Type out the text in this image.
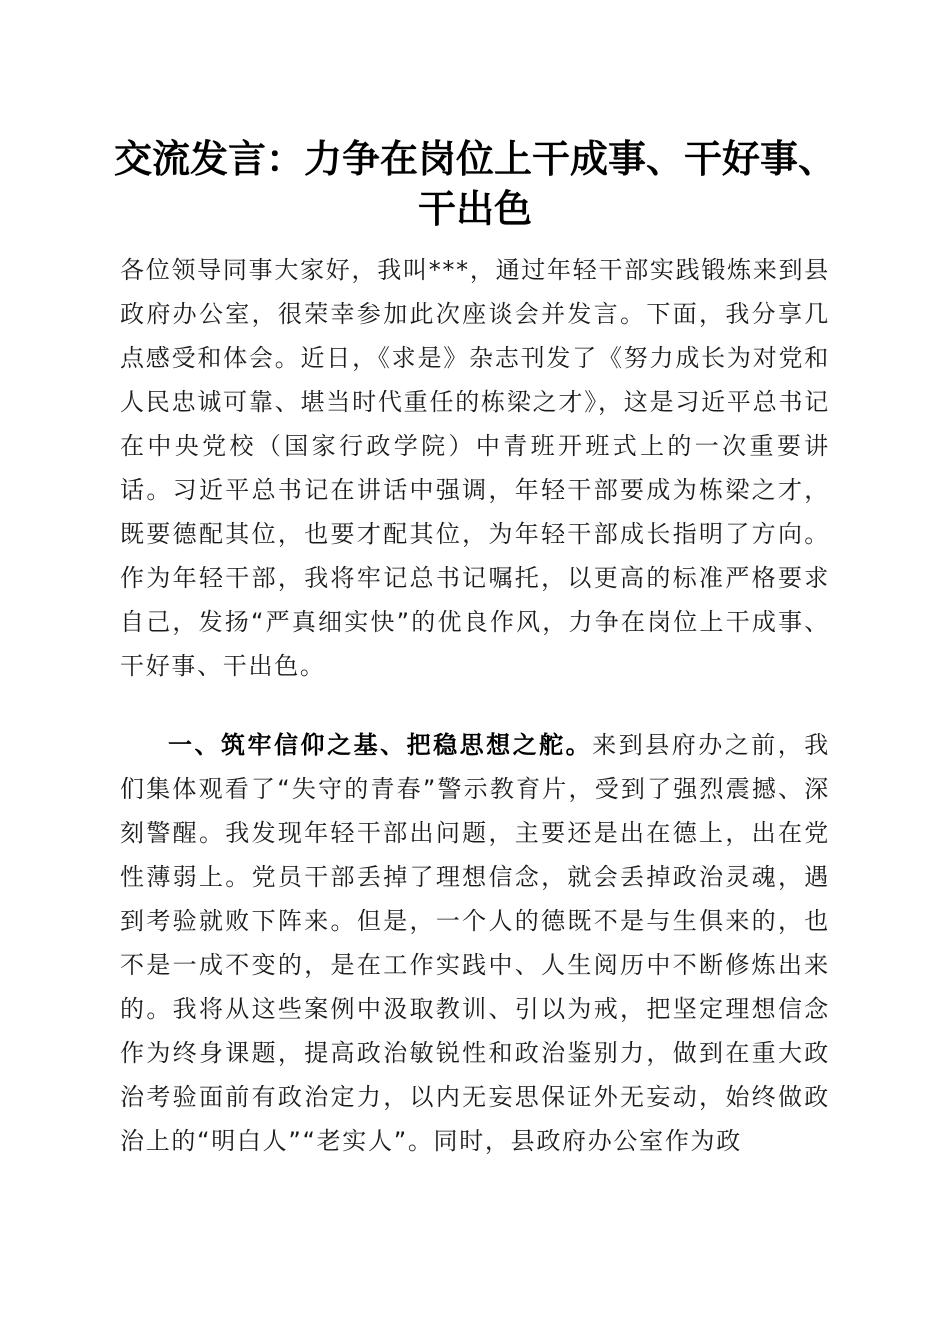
交流发言：力争在岗位上干成事、干好事、干出色

各位领导同事大家好，我叫***，通过年轻干部实践锻炼来到县政府办公室，很荣幸参加此次座谈会并发言。下面，我分享几点感受和体会。近日，《求是》杂志刊发了《努力成长为对党和人民忠诚可靠、堪当时代重任的栋梁之才》，这是习近平总书记在中央党校（国家行政学院）中青班开班式上的一次重要讲话。习近平总书记在讲话中强调，年轻干部要成为栋梁之才，既要德配其位，也要才配其位，为年轻干部成长指明了方向。作为年轻干部，我将牢记总书记嘱托，以更高的标准严格要求自己，发扬“严真细实快”的优良作风，力争在岗位上干成事、干好事、干出色。

一、筑牢信仰之基、把稳思想之舵。来到县府办之前，我们集体观看了“失守的青春”警示教育片，受到了强烈震撼、深刻警醒。我发现年轻干部出问题，主要还是出在德上，出在党性薄弱上。党员干部丢掉了理想信念，就会丢掉政治灵魂，遇到考验就败下阵来。但是，一个人的德既不是与生俱来的，也不是一成不变的，是在工作实践中、人生阅历中不断修炼出来的。我将从这些案例中汲取教训、引以为戒，把坚定理想信念作为终身课题，提高政治敏锐性和政治鉴别力，做到在重大政治考验面前有政治定力，以内无妄思保证外无妄动，始终做政治上的“明白人”“老实人”。同时，县政府办公室作为政
